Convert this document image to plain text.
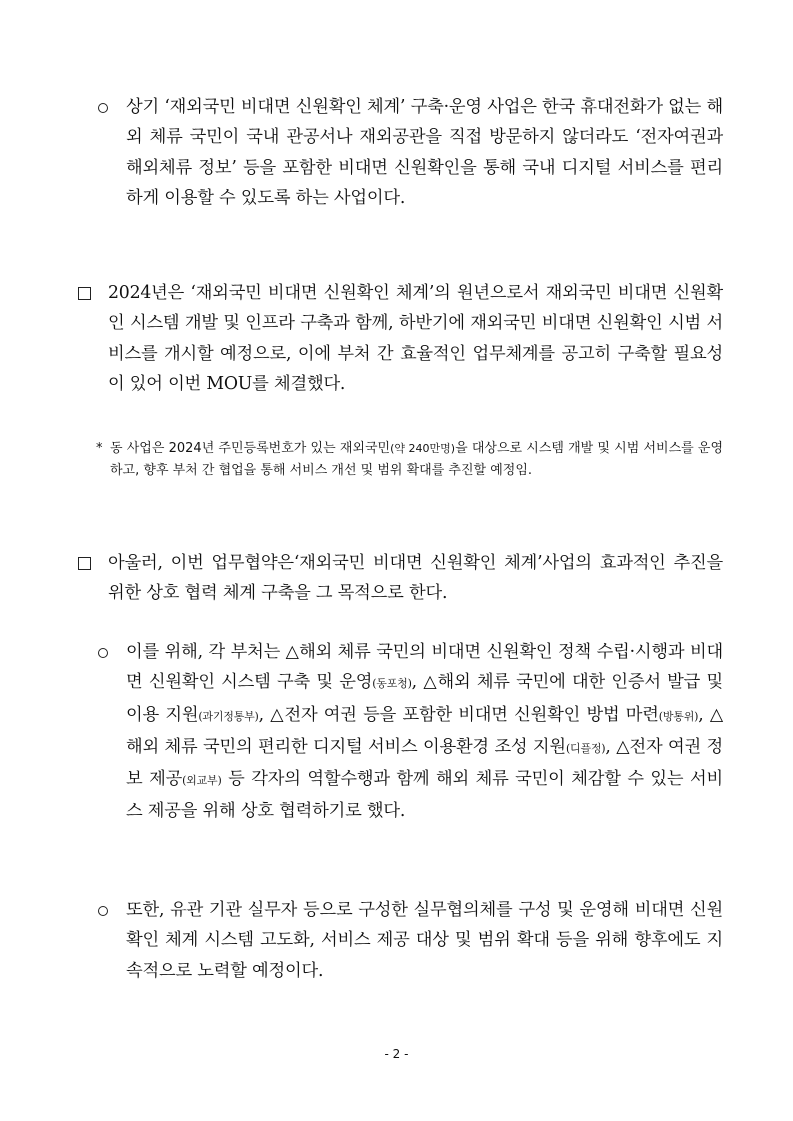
상기 ‘재외국민 비대면 신원확인 체계’ 구축·운영 사업은 한국 휴대전화가 없는 해외 체류 국민이 국내 관공서나 재외공관을 직접 방문하지 않더라도 ‘전자여권과 해외체류 정보’ 등을 포함한 비대면 신원확인을 통해 국내 디지털 서비스를 편리하게 이용할 수 있도록 하는 사업이다.
2024년은 ‘재외국민 비대면 신원확인 체계’의 원년으로서 재외국민 비대면 신원확인 시스템 개발 및 인프라 구축과 함께, 하반기에 재외국민 비대면 신원확인 시범 서비스를 개시할 예정으로, 이에 부처 간 효율적인 업무체계를 공고히 구축할 필요성이 있어 이번 MOU를 체결했다.
* 동 사업은 2024년 주민등록번호가 있는 재외국민(약 240만명)을 대상으로 시스템 개발 및 시범 서비스를 운영하고, 향후 부처 간 협업을 통해 서비스 개선 및 범위 확대를 추진할 예정임.
아울러, 이번 업무협약은‘재외국민 비대면 신원확인 체계’사업의 효과적인 추진을 위한 상호 협력 체계 구축을 그 목적으로 한다.
이를 위해, 각 부처는 △해외 체류 국민의 비대면 신원확인 정책 수립·시행과 비대면 신원확인 시스템 구축 및 운영(동포청), △해외 체류 국민에 대한 인증서 발급 및 이용 지원(과기정통부), △전자 여권 등을 포함한 비대면 신원확인 방법 마련(방통위), △해외 체류 국민의 편리한 디지털 서비스 이용환경 조성 지원(디플정), △전자 여권 정보 제공(외교부) 등 각자의 역할수행과 함께 해외 체류 국민이 체감할 수 있는 서비스 제공을 위해 상호 협력하기로 했다.
또한, 유관 기관 실무자 등으로 구성한 실무협의체를 구성 및 운영해 비대면 신원확인 체계 시스템 고도화, 서비스 제공 대상 및 범위 확대 등을 위해 향후에도 지속적으로 노력할 예정이다.
- 2 -
